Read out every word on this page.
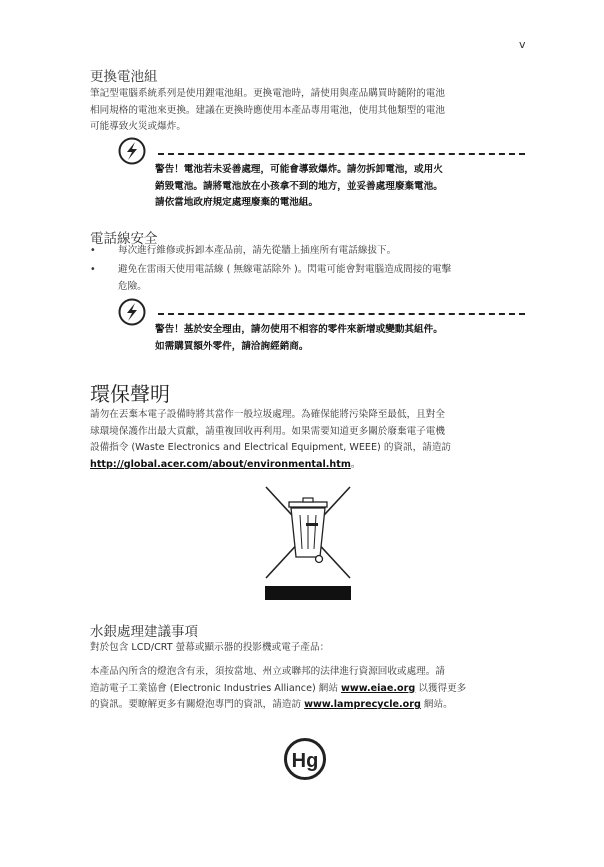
v
更換電池組
筆記型電腦系統系列是使用鋰電池組。更換電池時，請使用與產品購買時隨附的電池
相同規格的電池來更換。建議在更換時應使用本產品專用電池，使用其他類型的電池
可能導致火災或爆炸。
警告！電池若未妥善處理，可能會導致爆炸。請勿拆卸電池，或用火
銷毀電池。請將電池放在小孩拿不到的地方，並妥善處理廢棄電池。
請依當地政府規定處理廢棄的電池組。
電話線安全
• 每次進行維修或拆卸本產品前，請先從牆上插座所有電話線拔下。
• 避免在雷雨天使用電話線 ( 無線電話除外 )。閃電可能會對電腦造成間接的電擊
危險。
警告！基於安全理由，請勿使用不相容的零件來新增或變動其組件。
如需購買額外零件，請洽詢經銷商。
環保聲明
請勿在丟棄本電子設備時將其當作一般垃圾處理。為確保能將污染降至最低，且對全
球環境保護作出最大貢獻，請重複回收再利用。如果需要知道更多關於廢棄電子電機
設備指令 (Waste Electronics and Electrical Equipment, WEEE) 的資訊，請造訪
http://global.acer.com/about/environmental.htm。
水銀處理建議事項
對於包含 LCD/CRT 螢幕或顯示器的投影機或電子產品：
本產品內所含的燈泡含有汞，須按當地、州立或聯邦的法律進行資源回收或處理。請
造訪電子工業協會 (Electronic Industries Alliance) 網站 www.eiae.org 以獲得更多
的資訊。要瞭解更多有關燈泡專門的資訊，請造訪 www.lamprecycle.org 網站。
Hg
